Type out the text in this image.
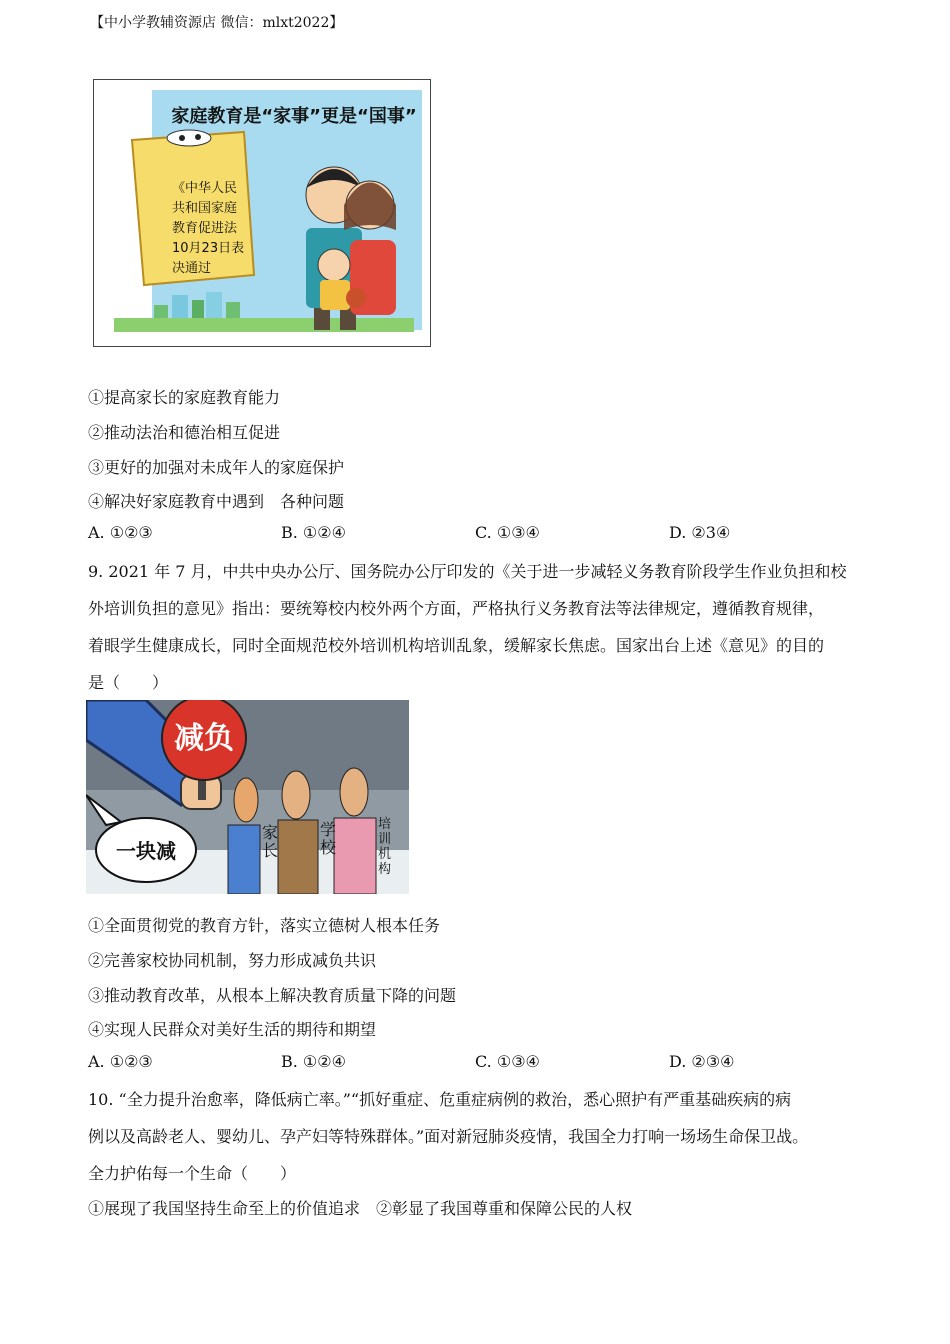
【中小学教辅资源店 微信：mlxt2022】
家庭教育是“家事”更是“国事”
《中华人民
共和国家庭
教育促进法
10月23日表
决通过
①提高家长的家庭教育能力
②推动法治和德治相互促进
③更好的加强对未成年人的家庭保护
④解决好家庭教育中遇到　各种问题
A. ①②③	B. ①②④	C. ①③④	D. ②3④
9. 2021 年 7 月，中共中央办公厅、国务院办公厅印发的《关于进一步减轻义务教育阶段学生作业负担和校
外培训负担的意见》指出：要统筹校内校外两个方面，严格执行义务教育法等法律规定，遵循教育规律，
着眼学生健康成长，同时全面规范校外培训机构培训乱象，缓解家长焦虑。国家出台上述《意见》的目的
是（　　）
减负
一块减
家
长
学
校
培
训
机
构
①全面贯彻党的教育方针，落实立德树人根本任务
②完善家校协同机制，努力形成减负共识
③推动教育改革，从根本上解决教育质量下降的问题
④实现人民群众对美好生活的期待和期望
A. ①②③	B. ①②④	C. ①③④	D. ②③④
10. “全力提升治愈率，降低病亡率。”“抓好重症、危重症病例的救治，悉心照护有严重基础疾病的病
例以及高龄老人、婴幼儿、孕产妇等特殊群体。”面对新冠肺炎疫情，我国全力打响一场场生命保卫战。
全力护佑每一个生命（　　）
①展现了我国坚持生命至上的价值追求　②彰显了我国尊重和保障公民的人权
